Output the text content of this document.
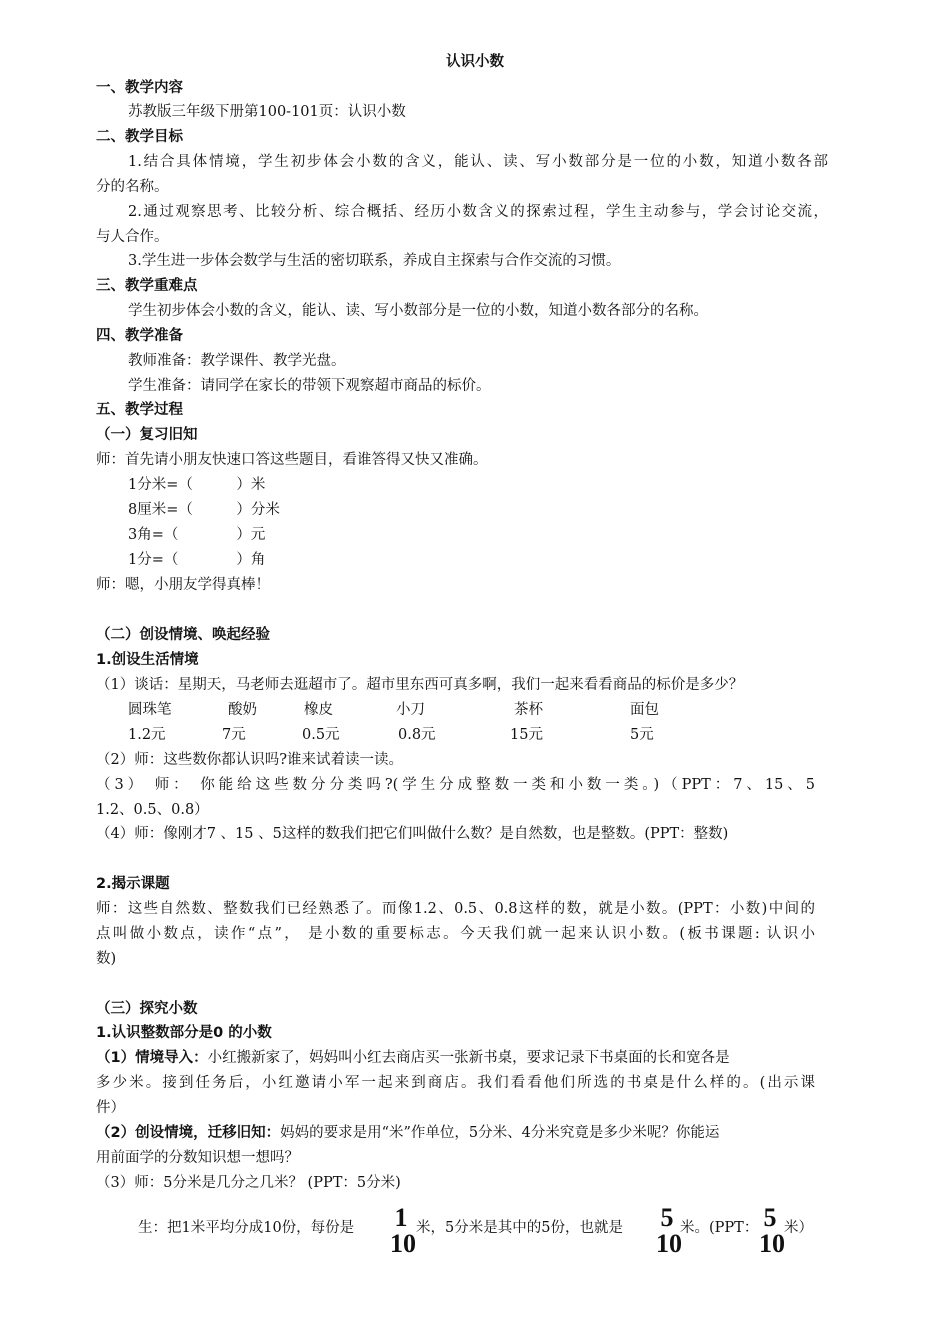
认识小数
一、教学内容
苏教版三年级下册第100-101页：认识小数
二、教学目标
1.结合具体情境，学生初步体会小数的含义，能认、读、写小数部分是一位的小数，知道小数各部
分的名称。
2.通过观察思考、比较分析、综合概括、经历小数含义的探索过程，学生主动参与，学会讨论交流，
与人合作。
3.学生进一步体会数学与生活的密切联系，养成自主探索与合作交流的习惯。
三、教学重难点
学生初步体会小数的含义，能认、读、写小数部分是一位的小数，知道小数各部分的名称。
四、教学准备
教师准备：教学课件、教学光盘。
学生准备：请同学在家长的带领下观察超市商品的标价。
五、教学过程
（一）复习旧知
师：首先请小朋友快速口答这些题目，看谁答得又快又准确。
1分米=（　　　）米
8厘米=（　　　）分米
3角=（　　　　）元
1分=（　　　　）角
师：嗯，小朋友学得真棒！
（二）创设情境、唤起经验
1.创设生活情境
（1）谈话：星期天，马老师去逛超市了。超市里东西可真多啊，我们一起来看看商品的标价是多少？
圆珠笔	酸奶	橡皮	小刀	茶杯	面包
1.2元	7元	0.5元	0.8元	15元	5元
（2）师：这些数你都认识吗?谁来试着读一读。
（3） 师： 你能给这些数分分类吗?(学生分成整数一类和小数一类。)（PPT：7、15、5
1.2、0.5、0.8）
（4）师：像刚才7 、15 、5这样的数我们把它们叫做什么数？是自然数，也是整数。(PPT：整数)
2.揭示课题
师：这些自然数、整数我们已经熟悉了。而像1.2、0.5、0.8这样的数，就是小数。(PPT：小数)中间的
点叫做小数点，读作“点”， 是小数的重要标志。今天我们就一起来认识小数。(板书课题: 认识小
数)
（三）探究小数
1.认识整数部分是0 的小数
（1）情境导入：小红搬新家了，妈妈叫小红去商店买一张新书桌，要求记录下书桌面的长和宽各是
多少米。接到任务后，小红邀请小军一起来到商店。我们看看他们所选的书桌是什么样的。(出示课
件）
（2）创设情境，迁移旧知：妈妈的要求是用“米”作单位，5分米、4分米究竟是多少米呢？你能运
用前面学的分数知识想一想吗？
（3）师：5分米是几分之几米？ (PPT：5分米)
生：把1米平均分成10份，每份是 1
10
米，5分米是其中的5份，也就是 5
10
米。(PPT： 5
10
米）
